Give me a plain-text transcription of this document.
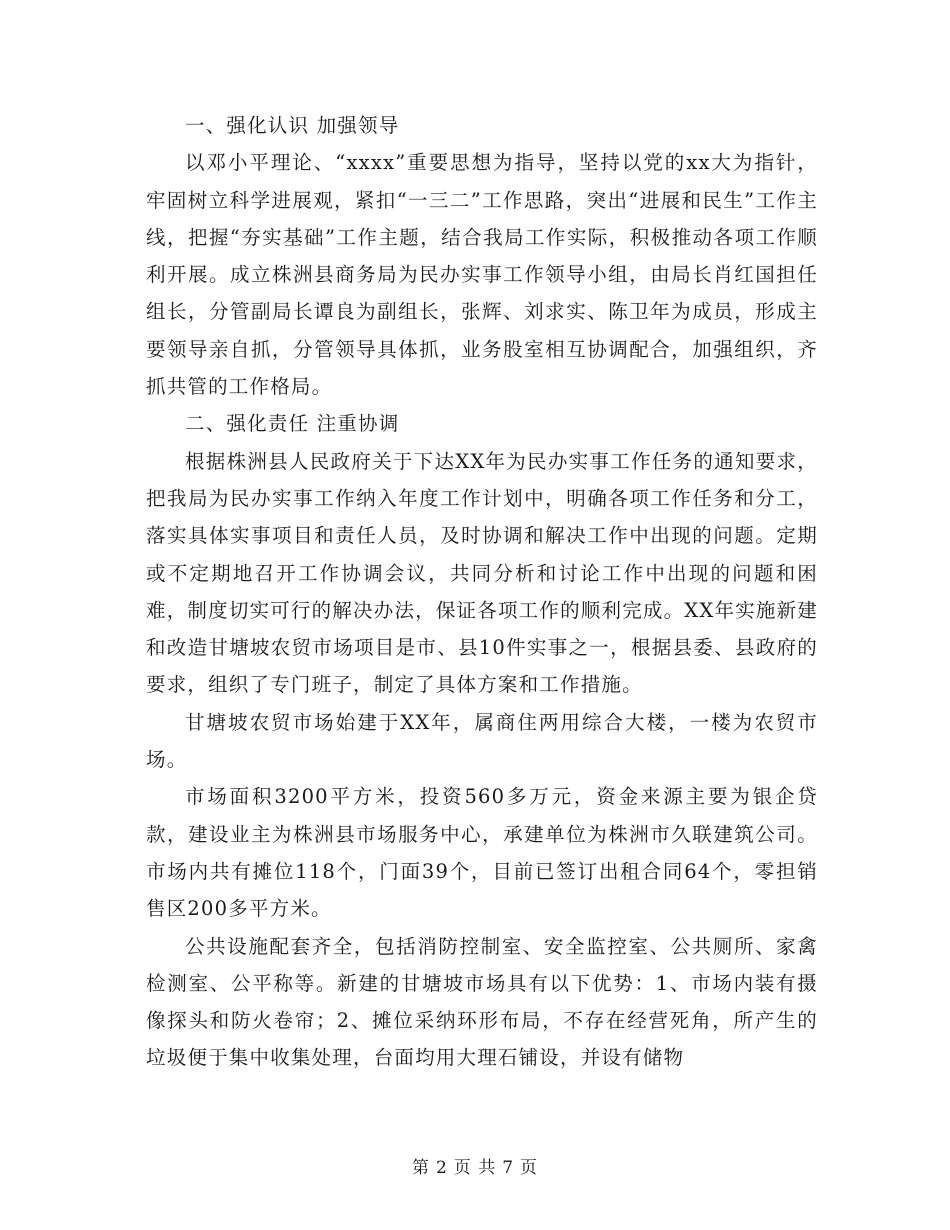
一、强化认识 加强领导

以邓小平理论、“xxxx”重要思想为指导，坚持以党的xx大为指针，牢固树立科学进展观，紧扣“一三二”工作思路，突出“进展和民生”工作主线，把握“夯实基础”工作主题，结合我局工作实际，积极推动各项工作顺利开展。成立株洲县商务局为民办实事工作领导小组，由局长肖红国担任组长，分管副局长谭良为副组长，张辉、刘求实、陈卫年为成员，形成主要领导亲自抓，分管领导具体抓，业务股室相互协调配合，加强组织，齐抓共管的工作格局。

二、强化责任 注重协调

根据株洲县人民政府关于下达XX年为民办实事工作任务的通知要求，把我局为民办实事工作纳入年度工作计划中，明确各项工作任务和分工，落实具体实事项目和责任人员，及时协调和解决工作中出现的问题。定期或不定期地召开工作协调会议，共同分析和讨论工作中出现的问题和困难，制度切实可行的解决办法，保证各项工作的顺利完成。XX年实施新建和改造甘塘坡农贸市场项目是市、县10件实事之一，根据县委、县政府的要求，组织了专门班子，制定了具体方案和工作措施。

甘塘坡农贸市场始建于XX年，属商住两用综合大楼，一楼为农贸市场。

市场面积3200平方米，投资560多万元，资金来源主要为银企贷款，建设业主为株洲县市场服务中心，承建单位为株洲市久联建筑公司。市场内共有摊位118个，门面39个，目前已签订出租合同64个，零担销售区200多平方米。

公共设施配套齐全，包括消防控制室、安全监控室、公共厕所、家禽检测室、公平称等。新建的甘塘坡市场具有以下优势：1、市场内装有摄像探头和防火卷帘；2、摊位采纳环形布局，不存在经营死角，所产生的垃圾便于集中收集处理，台面均用大理石铺设，并设有储物

第 2 页 共 7 页
